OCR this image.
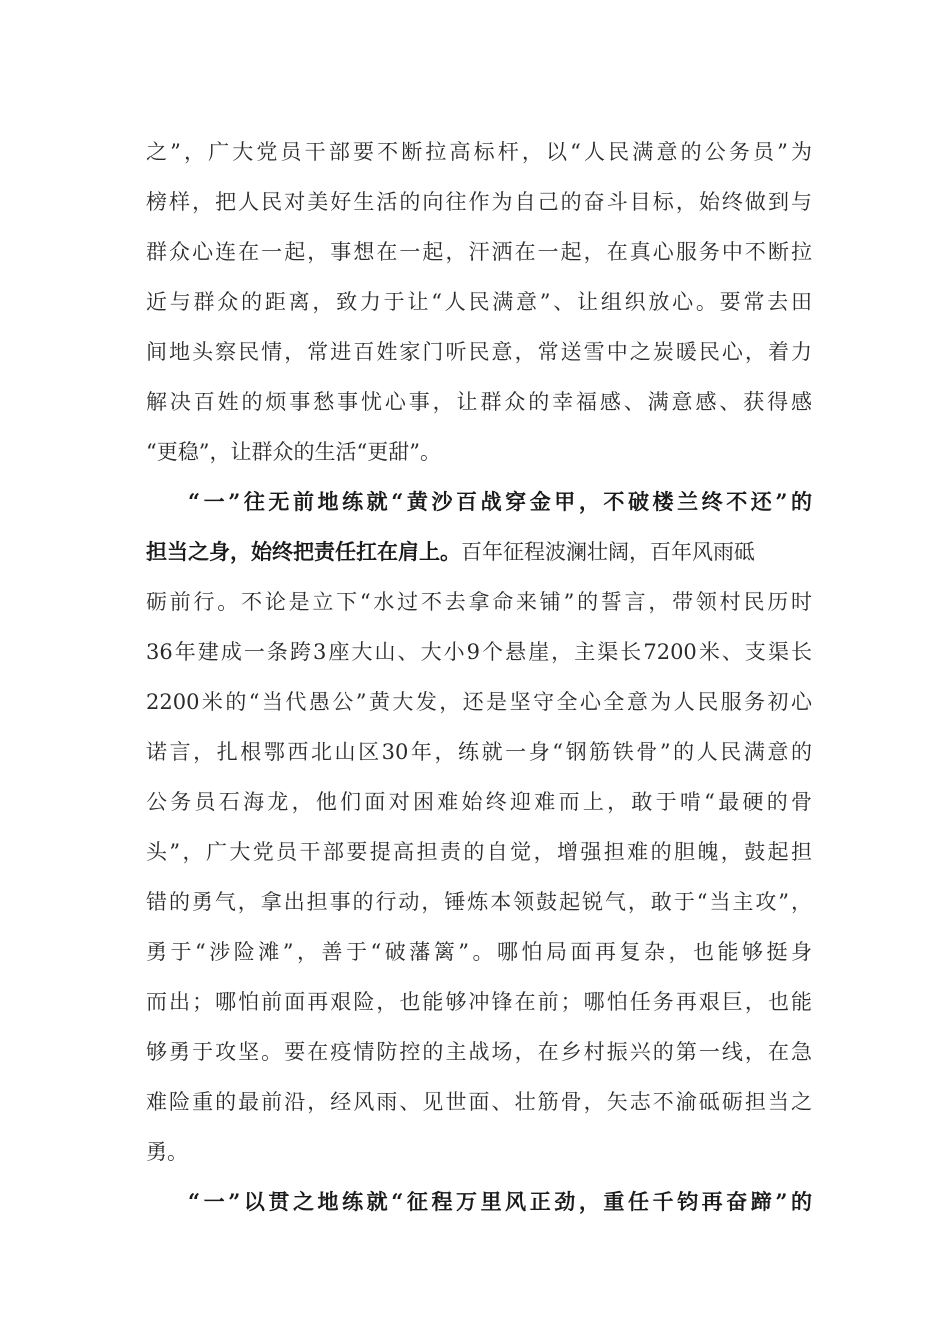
之”，广大党员干部要不断拉高标杆，以“人民满意的公务员”为
榜样，把人民对美好生活的向往作为自己的奋斗目标，始终做到与
群众心连在一起，事想在一起，汗洒在一起，在真心服务中不断拉
近与群众的距离，致力于让“人民满意”、让组织放心。要常去田
间地头察民情，常进百姓家门听民意，常送雪中之炭暖民心，着力
解决百姓的烦事愁事忧心事，让群众的幸福感、满意感、获得感
“更稳”，让群众的生活“更甜”。
“一”往无前地练就“黄沙百战穿金甲，不破楼兰终不还”的
担当之身，始终把责任扛在肩上。百年征程波澜壮阔，百年风雨砥
砺前行。不论是立下“水过不去拿命来铺”的誓言，带领村民历时
36年建成一条跨3座大山、大小9个悬崖，主渠长7200米、支渠长
2200米的“当代愚公”黄大发，还是坚守全心全意为人民服务初心
诺言，扎根鄂西北山区30年，练就一身“钢筋铁骨”的人民满意的
公务员石海龙，他们面对困难始终迎难而上，敢于啃“最硬的骨
头”，广大党员干部要提高担责的自觉，增强担难的胆魄，鼓起担
错的勇气，拿出担事的行动，锤炼本领鼓起锐气，敢于“当主攻”，
勇于“涉险滩”，善于“破藩篱”。哪怕局面再复杂，也能够挺身
而出；哪怕前面再艰险，也能够冲锋在前；哪怕任务再艰巨，也能
够勇于攻坚。要在疫情防控的主战场，在乡村振兴的第一线，在急
难险重的最前沿，经风雨、见世面、壮筋骨，矢志不渝砥砺担当之
勇。
“一”以贯之地练就“征程万里风正劲，重任千钧再奋蹄”的
